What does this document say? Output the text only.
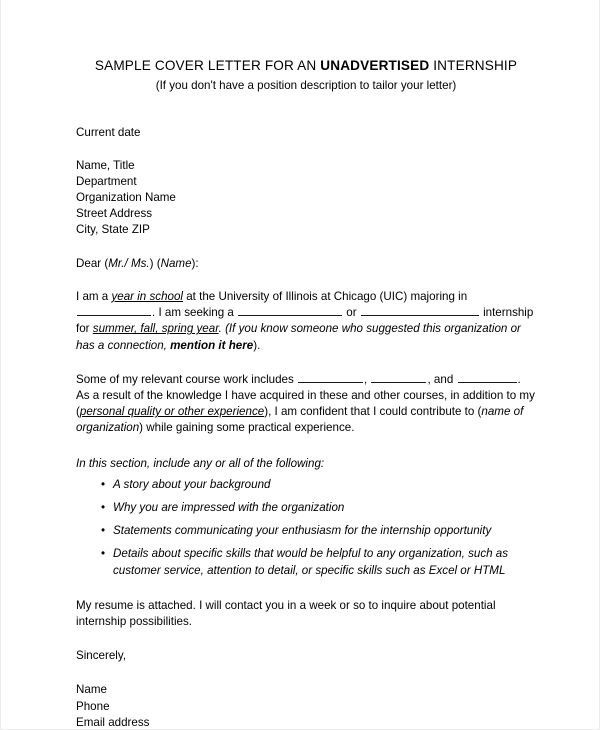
SAMPLE COVER LETTER FOR AN UNADVERTISED INTERNSHIP
(If you don't have a position description to tailor your letter)
Current date
Name, Title
Department
Organization Name
Street Address
City, State ZIP
Dear (Mr./ Ms.) (Name):
I am a year in school at the University of Illinois at Chicago (UIC) majoring in . I am seeking a	or	internship for summer, fall, spring year. (If you know someone who suggested this organization or has a connection, mention it here).
Some of my relevant course work includes	,	, and	. As a result of the knowledge I have acquired in these and other courses, in addition to my (personal quality or other experience), I am confident that I could contribute to (name of organization) while gaining some practical experience.
In this section, include any or all of the following:
• A story about your background
• Why you are impressed with the organization
• Statements communicating your enthusiasm for the internship opportunity
• Details about specific skills that would be helpful to any organization, such as customer service, attention to detail, or specific skills such as Excel or HTML
My resume is attached. I will contact you in a week or so to inquire about potential internship possibilities.
Sincerely,
Name
Phone
Email address
